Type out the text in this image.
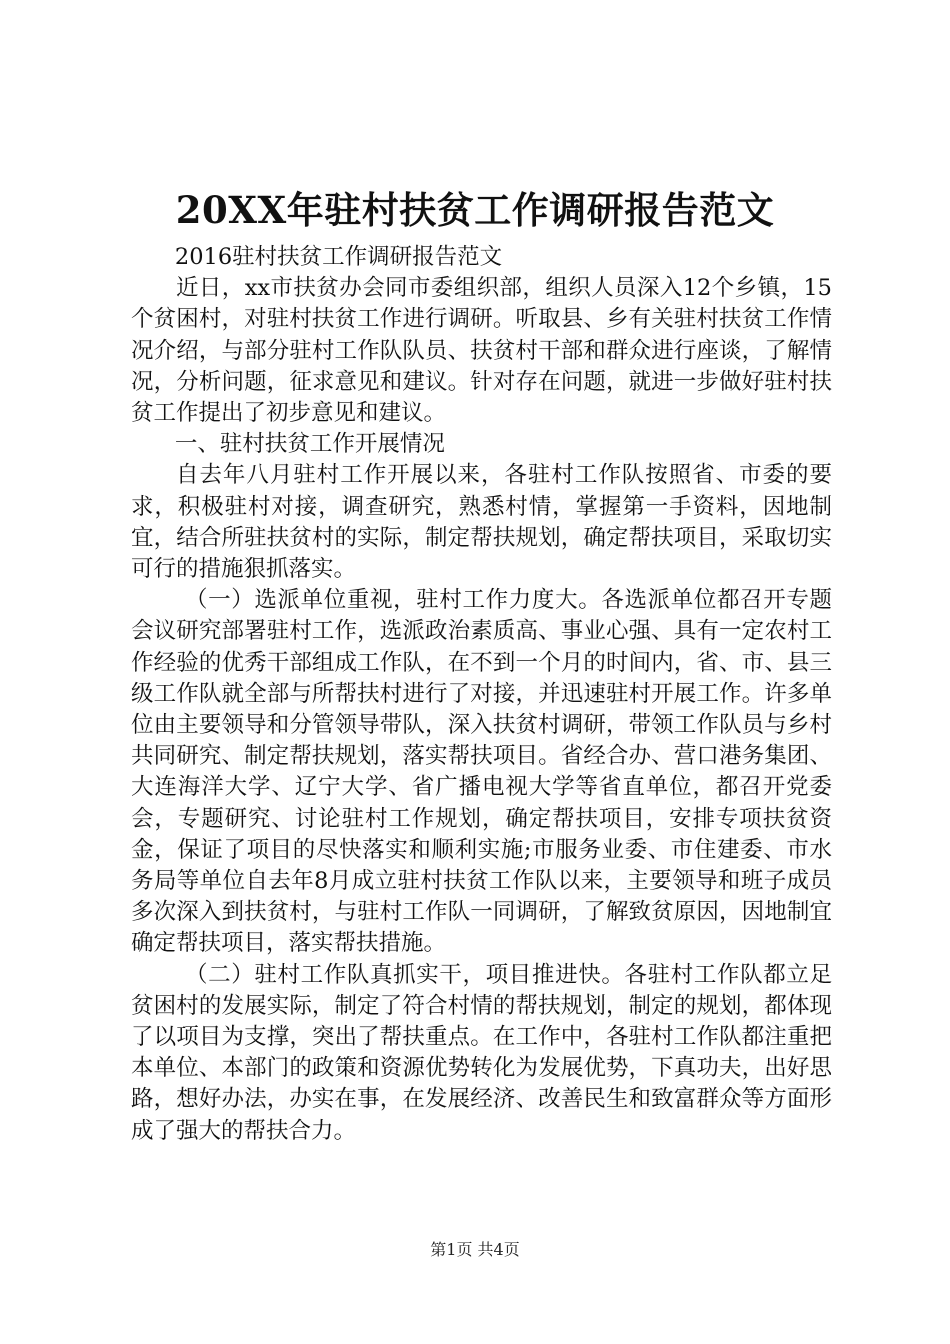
20XX年驻村扶贫工作调研报告范文

2016驻村扶贫工作调研报告范文

近日，xx市扶贫办会同市委组织部，组织人员深入12个乡镇，15个贫困村，对驻村扶贫工作进行调研。听取县、乡有关驻村扶贫工作情况介绍，与部分驻村工作队队员、扶贫村干部和群众进行座谈，了解情况，分析问题，征求意见和建议。针对存在问题，就进一步做好驻村扶贫工作提出了初步意见和建议。

一、驻村扶贫工作开展情况

自去年八月驻村工作开展以来，各驻村工作队按照省、市委的要求，积极驻村对接，调查研究，熟悉村情，掌握第一手资料，因地制宜，结合所驻扶贫村的实际，制定帮扶规划，确定帮扶项目，采取切实可行的措施狠抓落实。

（一）选派单位重视，驻村工作力度大。各选派单位都召开专题会议研究部署驻村工作，选派政治素质高、事业心强、具有一定农村工作经验的优秀干部组成工作队，在不到一个月的时间内，省、市、县三级工作队就全部与所帮扶村进行了对接，并迅速驻村开展工作。许多单位由主要领导和分管领导带队，深入扶贫村调研，带领工作队员与乡村共同研究、制定帮扶规划，落实帮扶项目。省经合办、营口港务集团、大连海洋大学、辽宁大学、省广播电视大学等省直单位，都召开党委会，专题研究、讨论驻村工作规划，确定帮扶项目，安排专项扶贫资金，保证了项目的尽快落实和顺利实施;市服务业委、市住建委、市水务局等单位自去年8月成立驻村扶贫工作队以来，主要领导和班子成员多次深入到扶贫村，与驻村工作队一同调研，了解致贫原因，因地制宜确定帮扶项目，落实帮扶措施。

（二）驻村工作队真抓实干，项目推进快。各驻村工作队都立足贫困村的发展实际，制定了符合村情的帮扶规划，制定的规划，都体现了以项目为支撑，突出了帮扶重点。在工作中，各驻村工作队都注重把本单位、本部门的政策和资源优势转化为发展优势，下真功夫，出好思路，想好办法，办实在事，在发展经济、改善民生和致富群众等方面形成了强大的帮扶合力。

第1页 共4页
